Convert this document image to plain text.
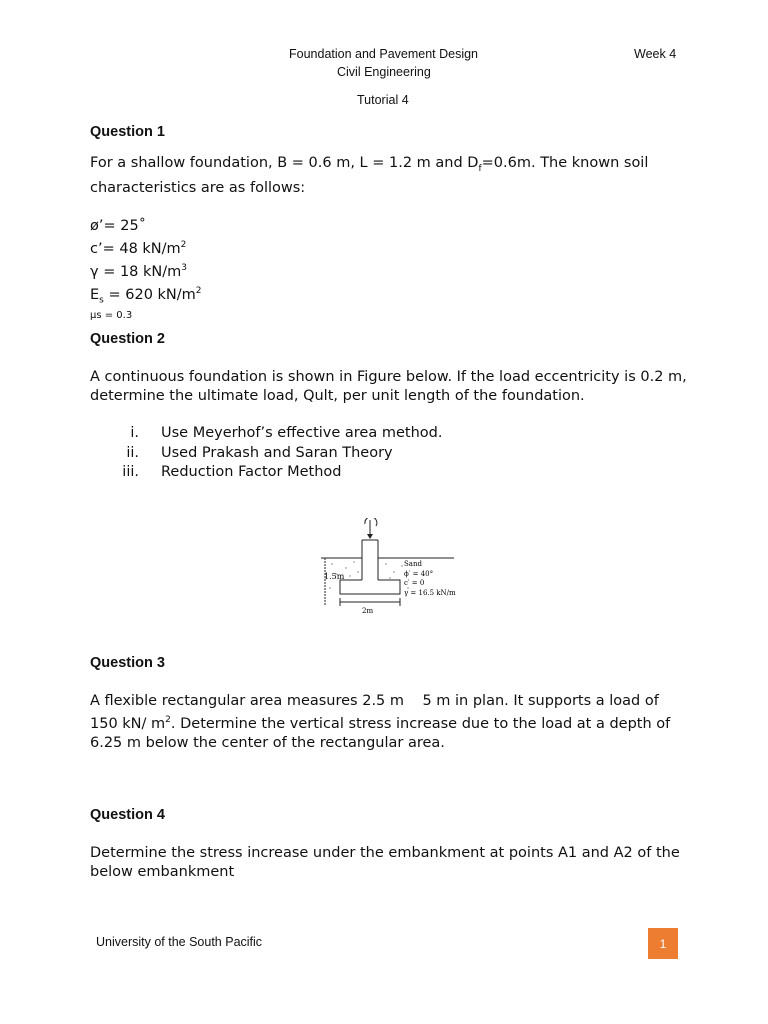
Foundation and Pavement Design
Civil Engineering
Week 4
Tutorial 4
Question 1
For a shallow foundation, B = 0.6 m, L = 1.2 m and $D_f=0.6m$. The known soil
characteristics are as follows:
ø’= 25˚
c’= 48 $kN/m^2$
γ = 18 $kN/m^3$
$E_s = 620$ $kN/m^2$
μs = 0.3
Question 2
A continuous foundation is shown in Figure below. If the load eccentricity is 0.2 m,
determine the ultimate load, Qult, per unit length of the foundation.
i.	Use Meyerhof’s effective area method.
ii.	Used Prakash and Saran Theory
iii.	Reduction Factor Method
1.5m
2m
Sand
ϕ′ = 40°
c′ = 0
γ = 16.5 kN/m
Question 3
A flexible rectangular area measures 2.5 m    5 m in plan. It supports a load of
150 kN/ $m^2$. Determine the vertical stress increase due to the load at a depth of
6.25 m below the center of the rectangular area.
Question 4
Determine the stress increase under the embankment at points A1 and A2 of the
below embankment
University of the South Pacific	1
